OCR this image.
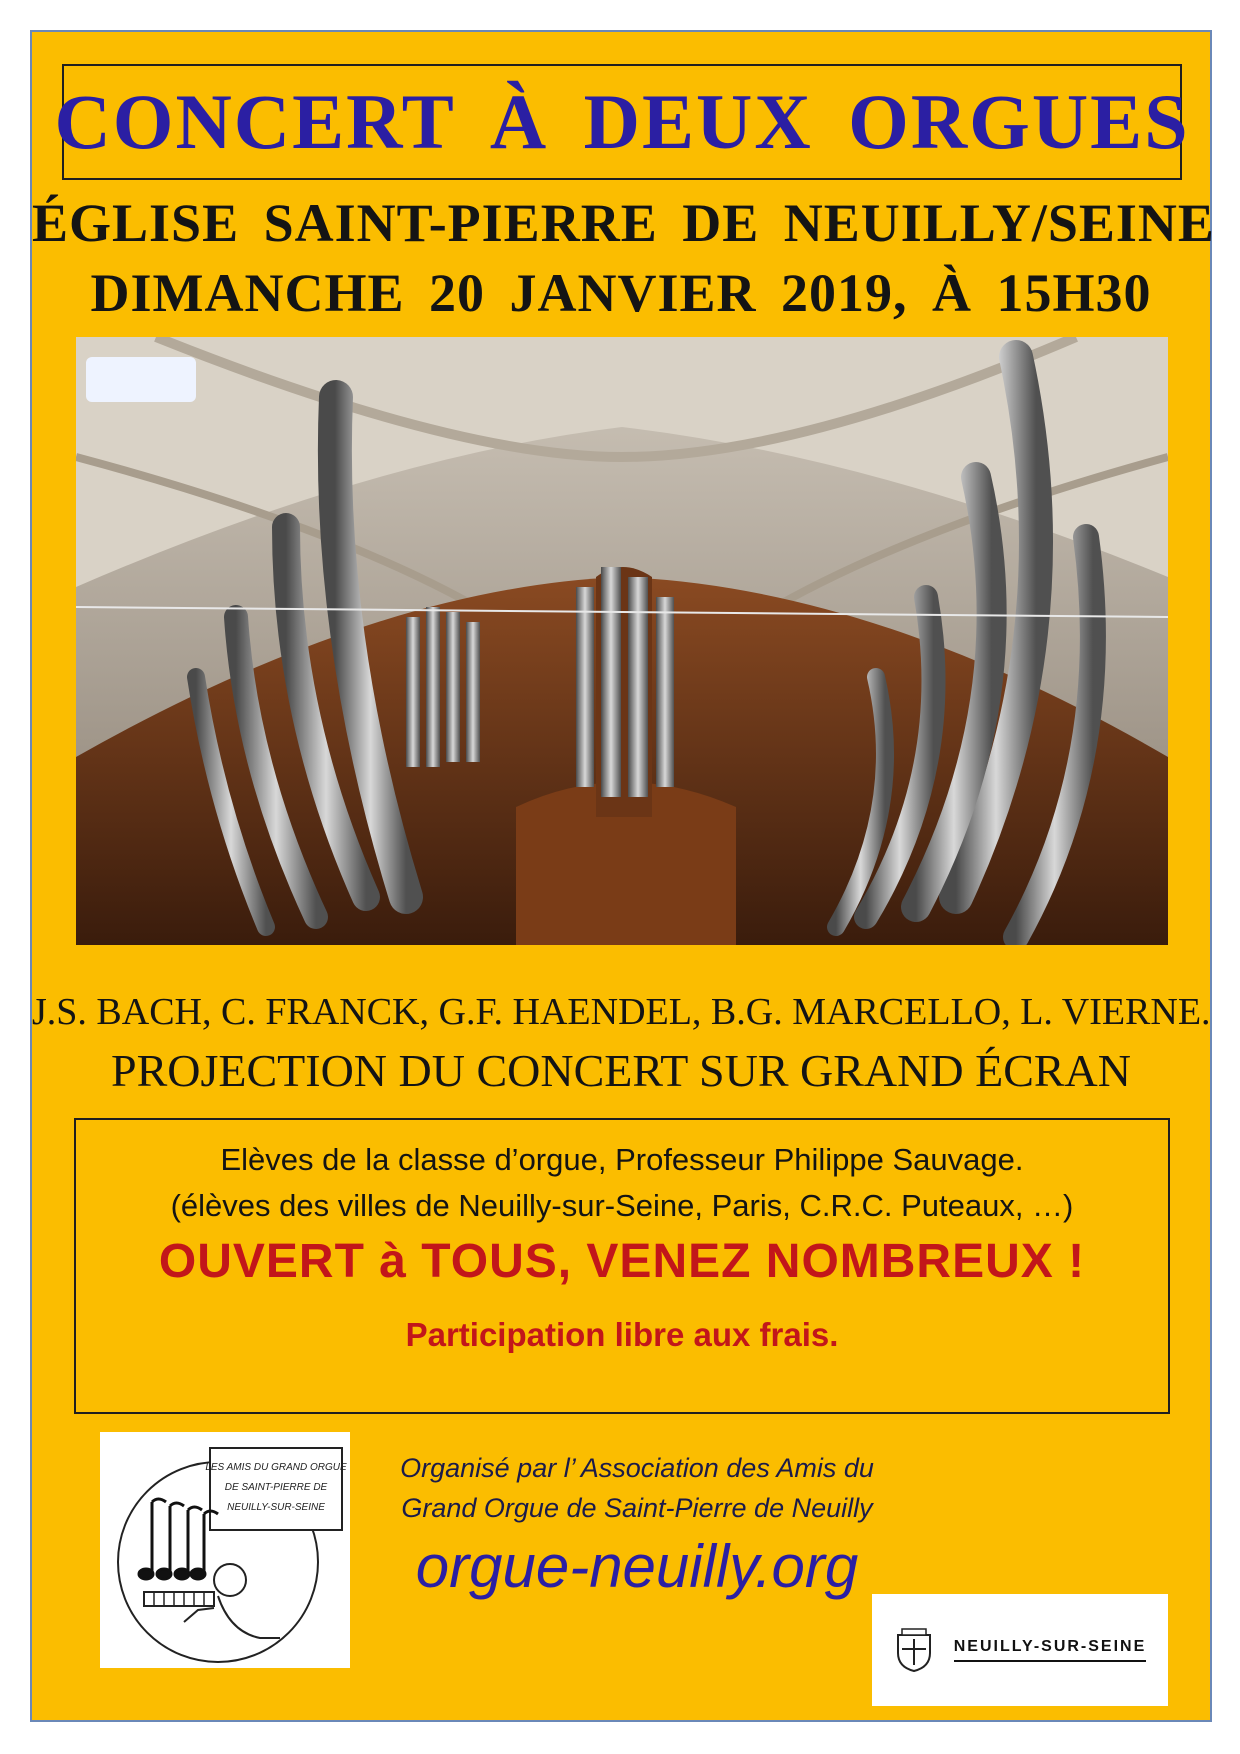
CONCERT À DEUX ORGUES
ÉGLISE SAINT-PIERRE DE NEUILLY/SEINE
DIMANCHE 20 JANVIER 2019, À 15H30
J.S. BACH, C. FRANCK, G.F. HAENDEL, B.G. MARCELLO, L. VIERNE.
PROJECTION DU CONCERT SUR GRAND ÉCRAN
Elèves de la classe d’orgue, Professeur Philippe Sauvage.
(élèves des villes de Neuilly-sur-Seine, Paris, C.R.C. Puteaux, …)
OUVERT à TOUS, VENEZ NOMBREUX !
Participation libre aux frais.
LES AMIS DU GRAND ORGUE
DE SAINT-PIERRE DE
NEUILLY-SUR-SEINE
Organisé par l’ Association des Amis du
Grand Orgue de Saint-Pierre de Neuilly
orgue-neuilly.org
NEUILLY-SUR-SEINE
